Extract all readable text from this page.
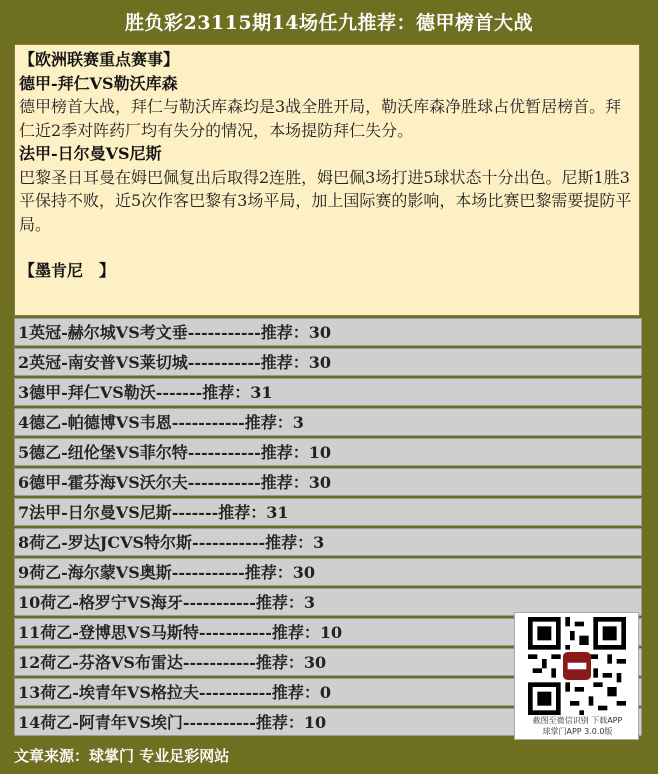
胜负彩23115期14场任九推荐：德甲榜首大战

【欧洲联赛重点赛事】

德甲-拜仁VS勒沃库森

德甲榜首大战，拜仁与勒沃库森均是3战全胜开局，勒沃库森净胜球占优暂居榜首。拜仁近2季对阵药厂均有失分的情况，本场提防拜仁失分。

法甲-日尔曼VS尼斯

巴黎圣日耳曼在姆巴佩复出后取得2连胜，姆巴佩3场打进5球状态十分出色。尼斯1胜3平保持不败，近5次作客巴黎有3场平局，加上国际赛的影响，本场比赛巴黎需要提防平局。

【墨肯尼　】

1英冠-赫尔城VS考文垂-----------推荐：30
2英冠-南安普VS莱切城-----------推荐：30
3德甲-拜仁VS勒沃-------推荐：31
4德乙-帕德博VS韦恩-----------推荐：3
5德乙-纽伦堡VS菲尔特-----------推荐：10
6德甲-霍芬海VS沃尔夫-----------推荐：30
7法甲-日尔曼VS尼斯-------推荐：31
8荷乙-罗达JCVS特尔斯-----------推荐：3
9荷乙-海尔蒙VS奥斯-----------推荐：30
10荷乙-格罗宁VS海牙-----------推荐：3
11荷乙-登博思VS马斯特-----------推荐：10
12荷乙-芬洛VS布雷达-----------推荐：30
13荷乙-埃青年VS格拉夫-----------推荐：0
14荷乙-阿青年VS埃门-----------推荐：10	截图至微信识别 下载APP
球掌门APP 3.0.0版
文章来源：球掌门 专业足彩网站
